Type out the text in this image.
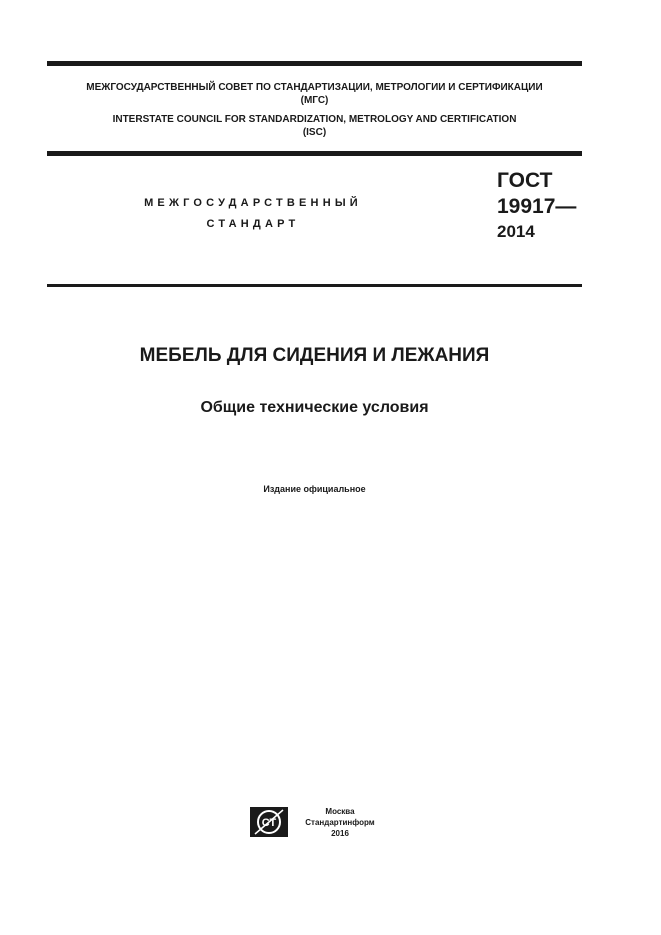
МЕЖГОСУДАРСТВЕННЫЙ СОВЕТ ПО СТАНДАРТИЗАЦИИ, МЕТРОЛОГИИ И СЕРТИФИКАЦИИ
(МГС)
INTERSTATE COUNCIL FOR STANDARDIZATION, METROLOGY AND CERTIFICATION
(ISC)
МЕЖГОСУДАРСТВЕННЫЙ
СТАНДАРТ
ГОСТ
19917—
2014
МЕБЕЛЬ ДЛЯ СИДЕНИЯ И ЛЕЖАНИЯ
Общие технические условия
Издание официальное
СТ
Москва
Стандартинформ
2016
